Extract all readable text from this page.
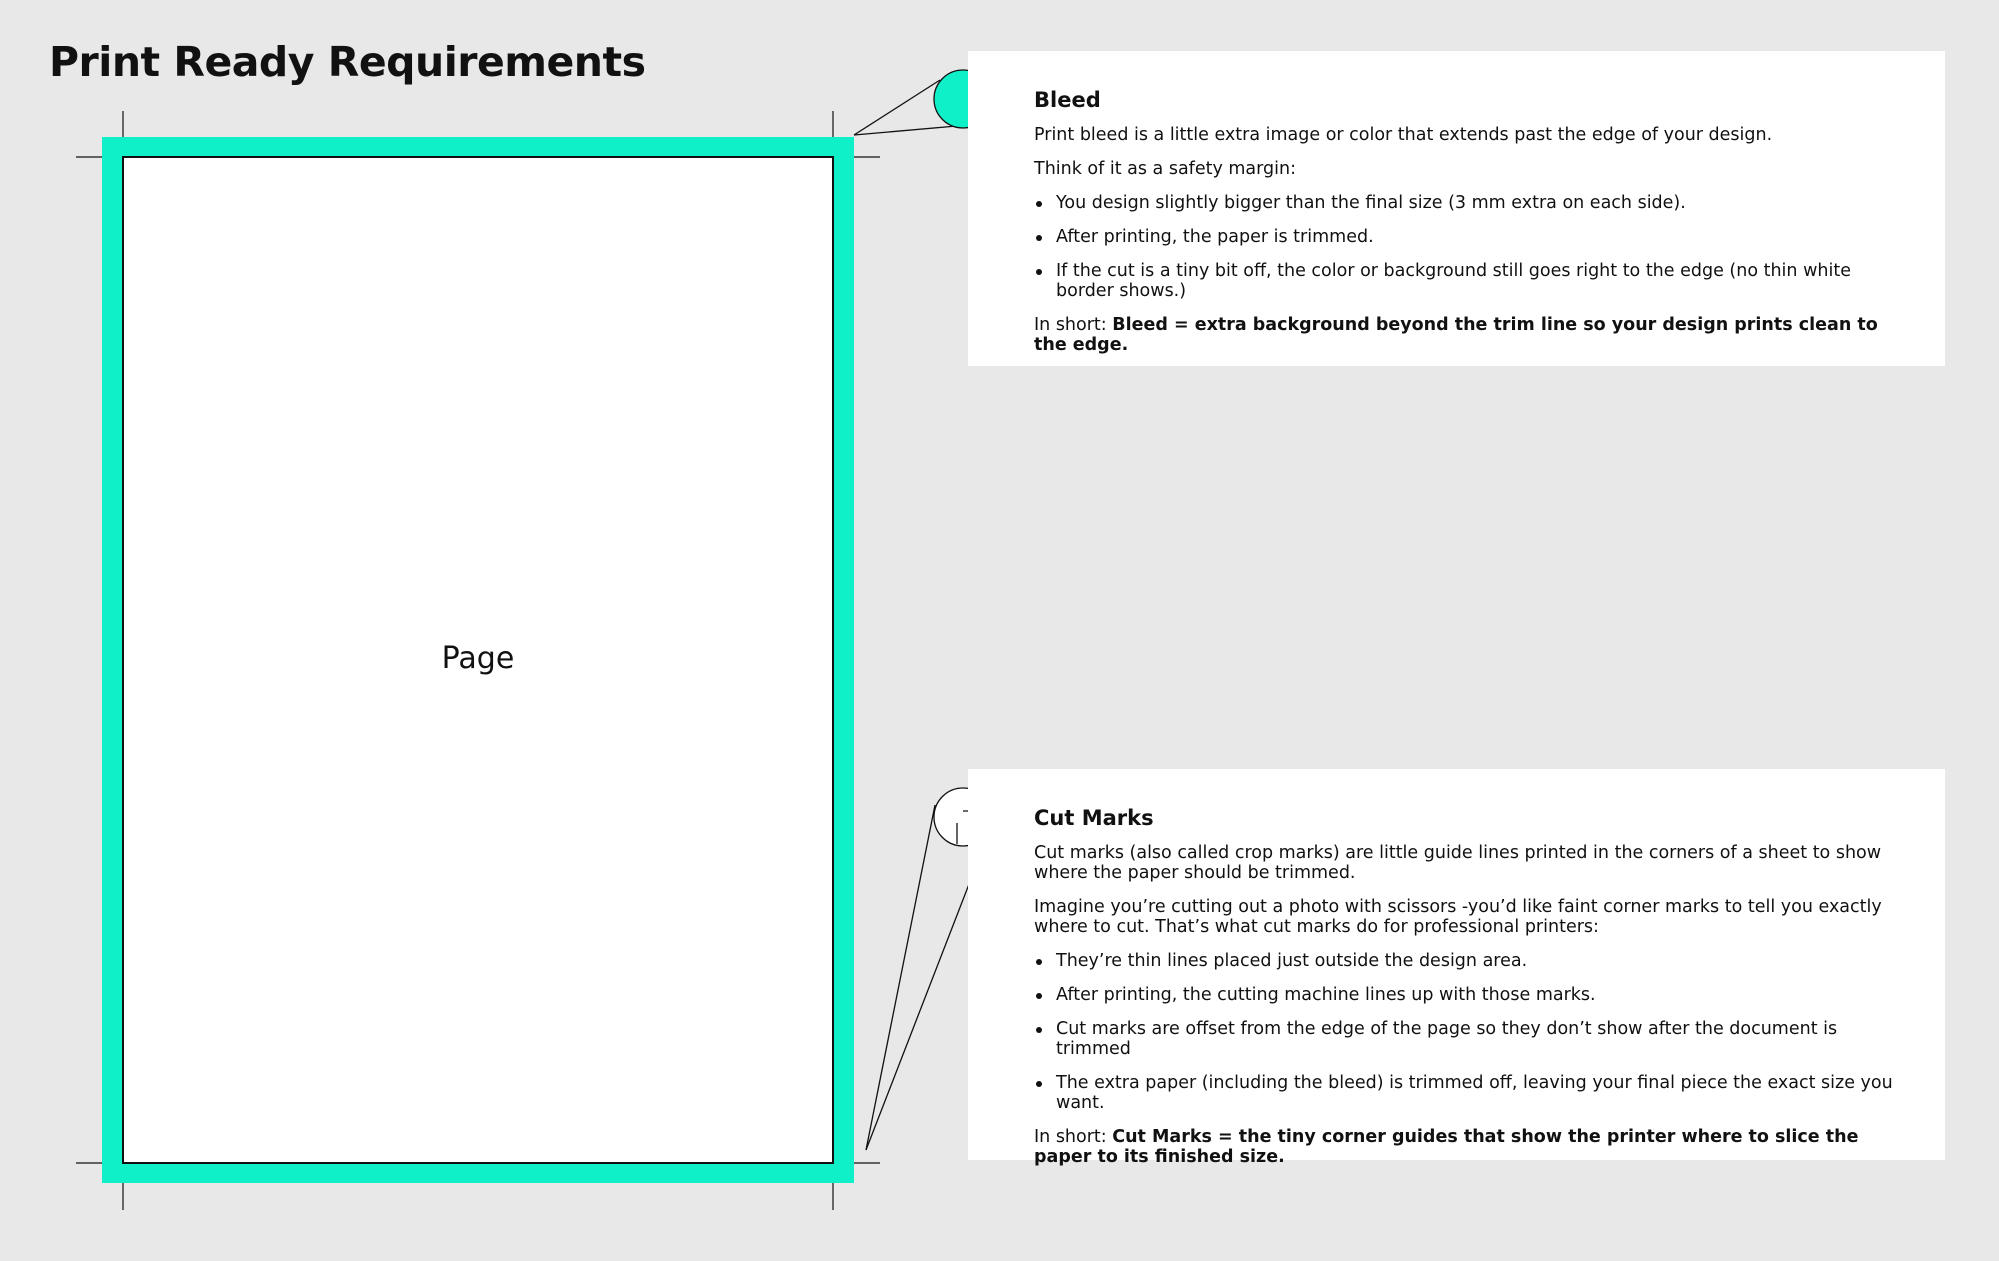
Print Ready Requirements
Page
Bleed

Print bleed is a little extra image or color that extends past the edge of your design.

Think of it as a safety margin:

You design slightly bigger than the final size (3 mm extra on each side).
After printing, the paper is trimmed.
If the cut is a tiny bit off, the color or background still goes right to the edge (no thin white border shows.)

In short: Bleed = extra background beyond the trim line so your design prints clean to the edge.

Cut Marks

Cut marks (also called crop marks) are little guide lines printed in the corners of a sheet to show where the paper should be trimmed.

Imagine you’re cutting out a photo with scissors -you’d like faint corner marks to tell you exactly where to cut. That’s what cut marks do for professional printers:

They’re thin lines placed just outside the design area.
After printing, the cutting machine lines up with those marks.
Cut marks are offset from the edge of the page so they don’t show after the document is trimmed
The extra paper (including the bleed) is trimmed off, leaving your final piece the exact size you want.

In short: Cut Marks = the tiny corner guides that show the printer where to slice the paper to its finished size.
